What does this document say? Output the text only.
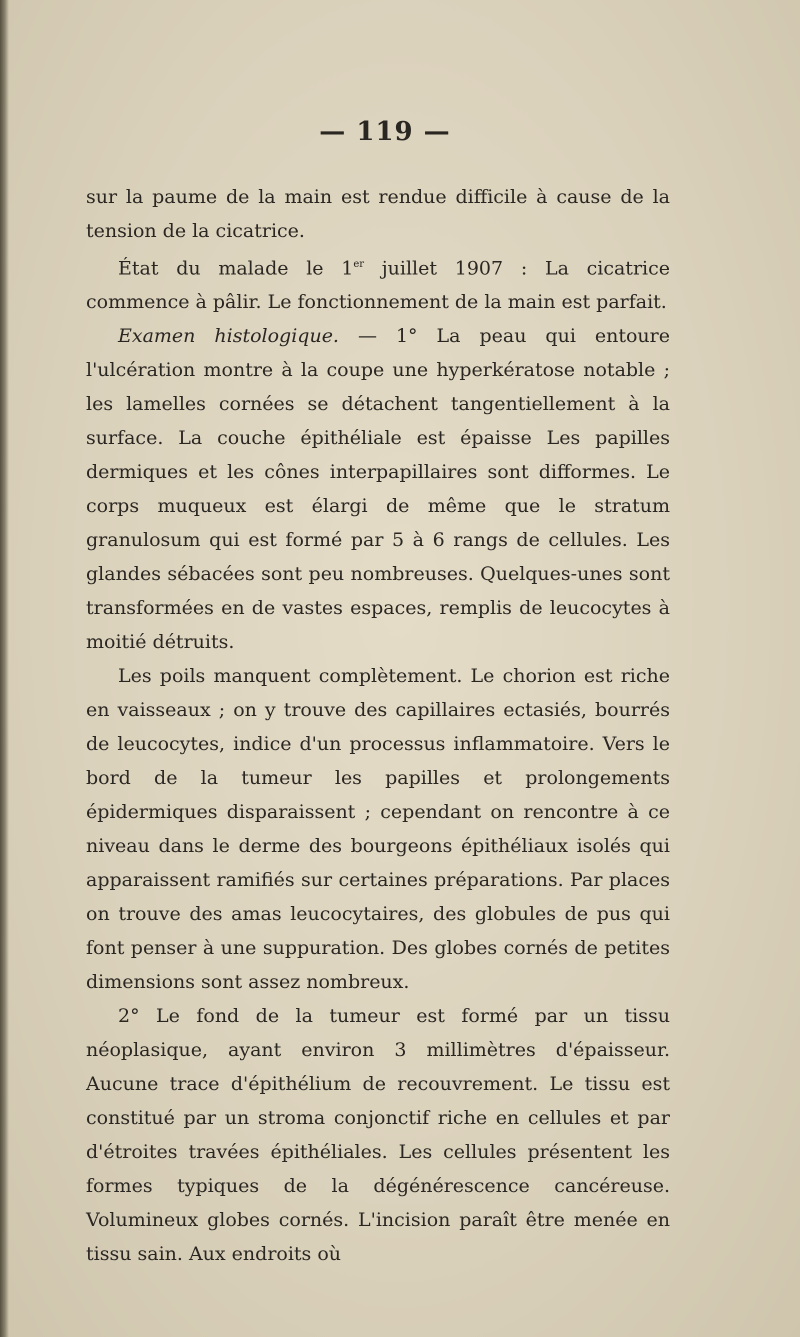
— 119 —

sur la paume de la main est rendue difficile à cause de la tension de la cicatrice.

État du malade le 1er juillet 1907 : La cicatrice commence à pâlir. Le fonctionnement de la main est parfait.

Examen histologique. — 1° La peau qui entoure l'ulcération montre à la coupe une hyperkératose notable ; les lamelles cornées se détachent tangentiellement à la surface. La couche épithéliale est épaisse Les papilles dermiques et les cônes interpapillaires sont difformes. Le corps muqueux est élargi de même que le stratum granulosum qui est formé par 5 à 6 rangs de cellules. Les glandes sébacées sont peu nombreuses. Quelques-unes sont transformées en de vastes espaces, remplis de leucocytes à moitié détruits.

Les poils manquent complètement. Le chorion est riche en vaisseaux ; on y trouve des capillaires ectasiés, bourrés de leucocytes, indice d'un processus inflammatoire. Vers le bord de la tumeur les papilles et prolongements épidermiques disparaissent ; cependant on rencontre à ce niveau dans le derme des bourgeons épithéliaux isolés qui apparaissent ramifiés sur certaines préparations. Par places on trouve des amas leucocytaires, des globules de pus qui font penser à une suppuration. Des globes cornés de petites dimensions sont assez nombreux.

2° Le fond de la tumeur est formé par un tissu néoplasique, ayant environ 3 millimètres d'épaisseur. Aucune trace d'épithélium de recouvrement. Le tissu est constitué par un stroma conjonctif riche en cellules et par d'étroites travées épithéliales. Les cellules présentent les formes typiques de la dégénérescence cancéreuse. Volumineux globes cornés. L'incision paraît être menée en tissu sain. Aux endroits où
